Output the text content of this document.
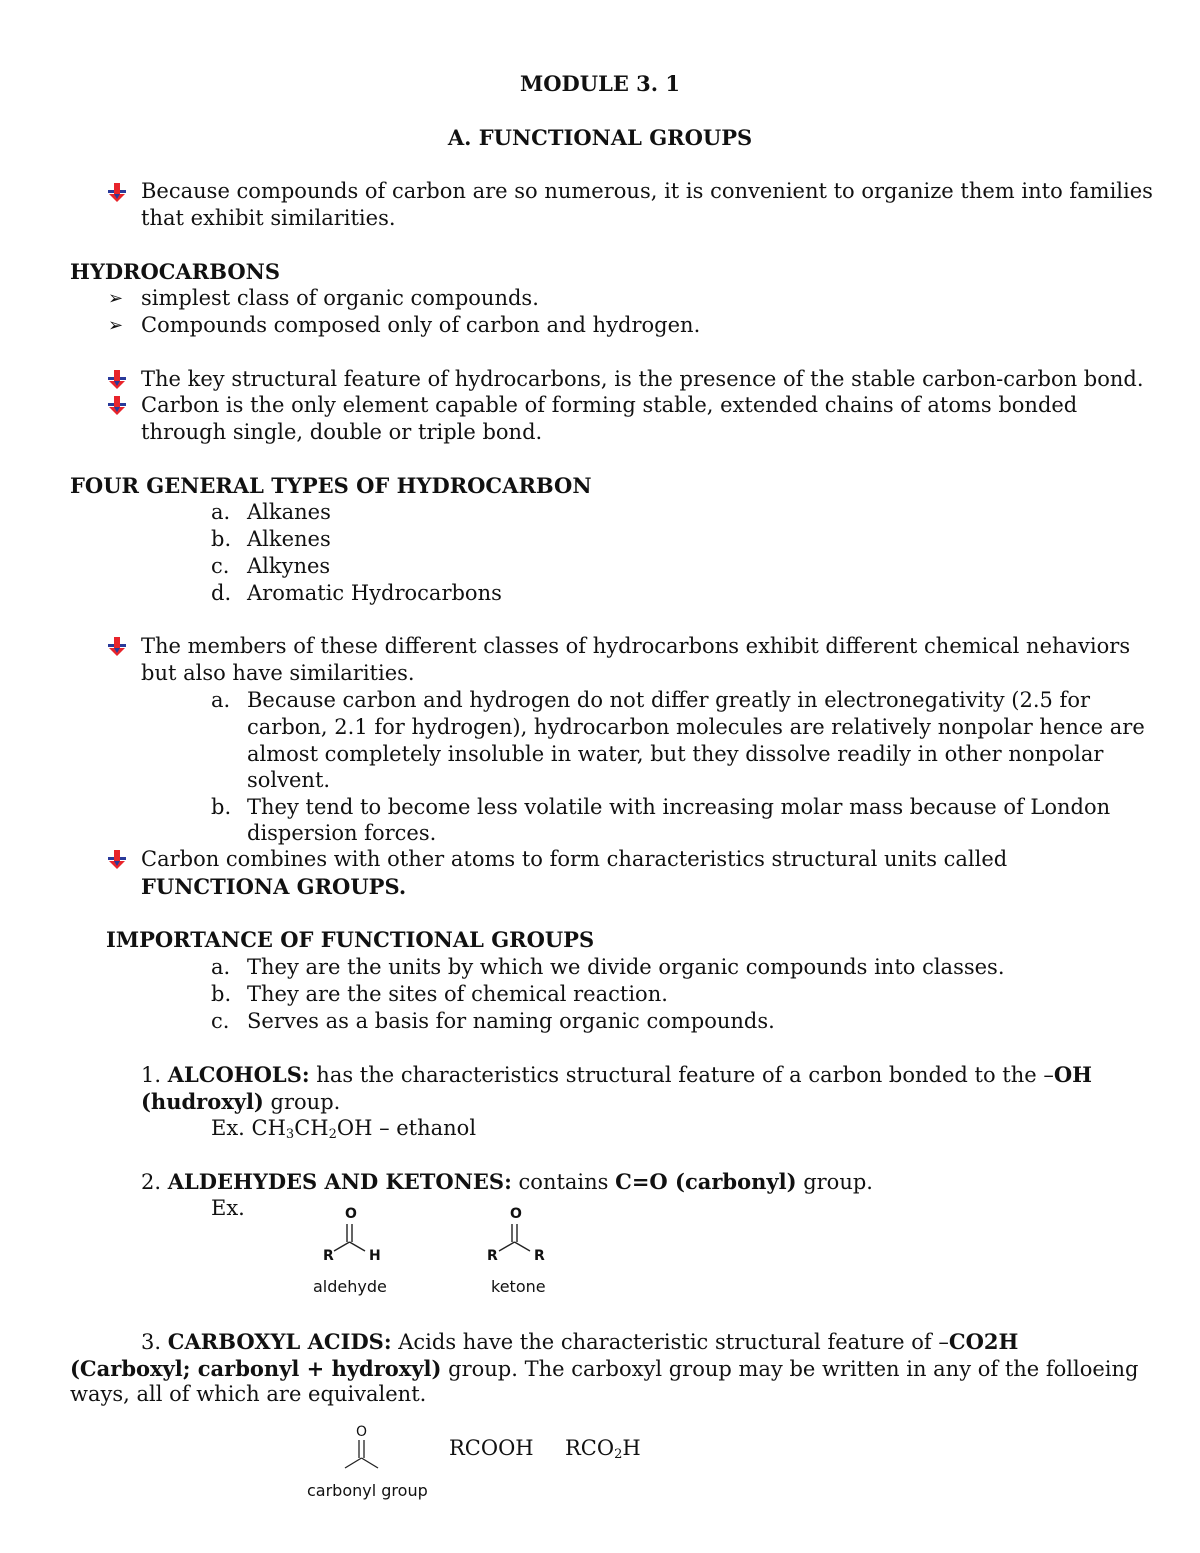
MODULE 3. 1
A. FUNCTIONAL GROUPS
Because compounds of carbon are so numerous, it is convenient to organize them into families
that exhibit similarities.
HYDROCARBONS
➢ simplest class of organic compounds.
➢ Compounds composed only of carbon and hydrogen.
The key structural feature of hydrocarbons, is the presence of the stable carbon-carbon bond.
Carbon is the only element capable of forming stable, extended chains of atoms bonded
through single, double or triple bond.
FOUR GENERAL TYPES OF HYDROCARBON
a. Alkanes
b. Alkenes
c. Alkynes
d. Aromatic Hydrocarbons
The members of these different classes of hydrocarbons exhibit different chemical nehaviors
but also have similarities.
a. Because carbon and hydrogen do not differ greatly in electronegativity (2.5 for
carbon, 2.1 for hydrogen), hydrocarbon molecules are relatively nonpolar hence are
almost completely insoluble in water, but they dissolve readily in other nonpolar
solvent.
b. They tend to become less volatile with increasing molar mass because of London
dispersion forces.
Carbon combines with other atoms to form characteristics structural units called
FUNCTIONA GROUPS.
IMPORTANCE OF FUNCTIONAL GROUPS
a. They are the units by which we divide organic compounds into classes.
b. They are the sites of chemical reaction.
c. Serves as a basis for naming organic compounds.
1. ALCOHOLS: has the characteristics structural feature of a carbon bonded to the –OH
(hudroxyl) group.
Ex. $CH_3CH_2OH$ – ethanol
2. ALDEHYDES AND KETONES: contains C=O (carbonyl) group.
Ex.	O
R	H
aldehyde
O
R	R
ketone
3. CARBOXYL ACIDS: Acids have the characteristic structural feature of –CO2H
(Carboxyl; carbonyl + hydroxyl) group. The carboxyl group may be written in any of the folloeing
ways, all of which are equivalent.
O
carbonyl group
RCOOH $RCO_2H$
